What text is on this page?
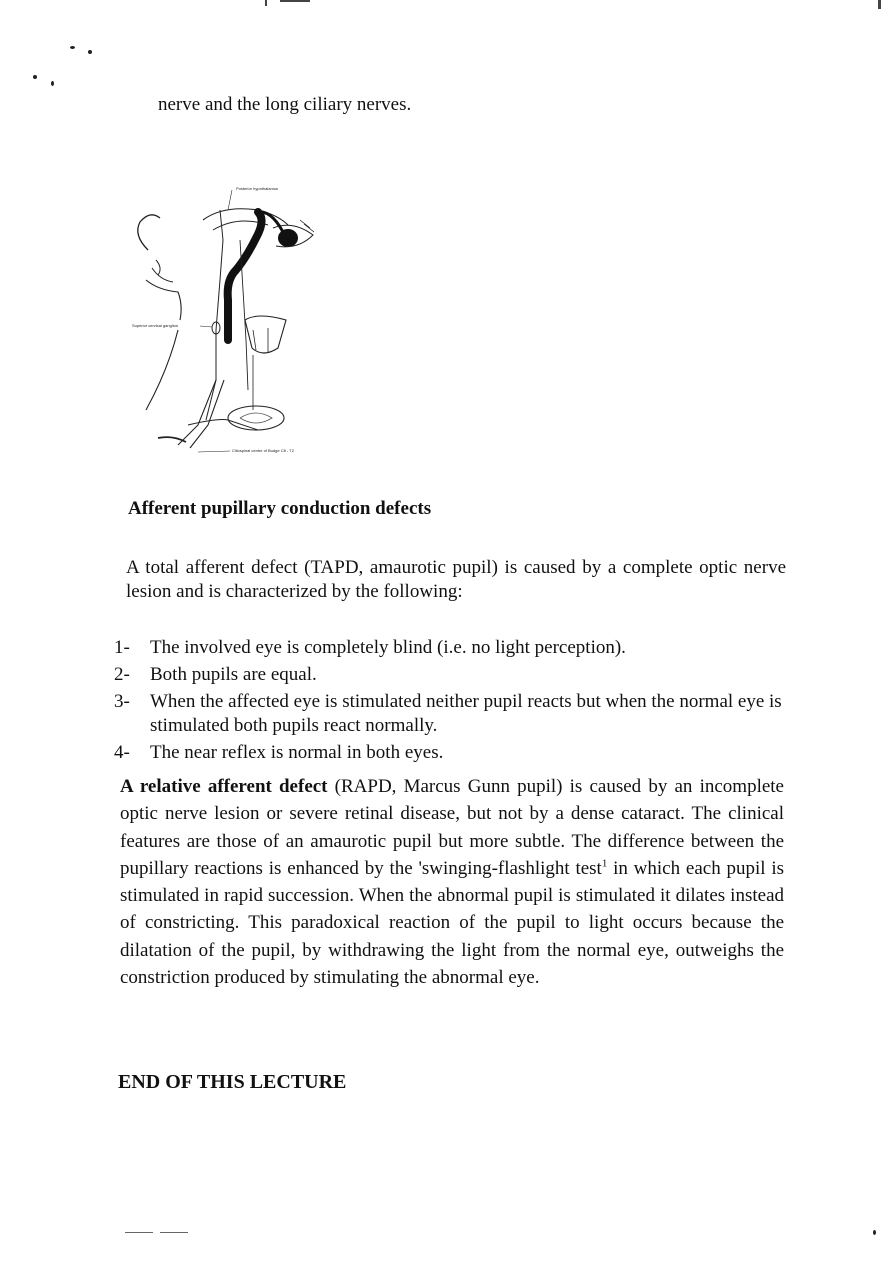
nerve and the long ciliary nerves.
Posterior hypothalamus
Superior cervical ganglion
Ciliospinal centre of Budge C8 - T2
Afferent pupillary conduction defects
A total afferent defect (TAPD, amaurotic pupil) is caused by a complete optic nerve lesion and is characterized by the following:
1- The involved eye is completely blind (i.e. no light perception).
2- Both pupils are equal.
3- When the affected eye is stimulated neither pupil reacts but when the normal eye is stimulated both pupils react normally.
4- The near reflex is normal in both eyes.
A relative afferent defect (RAPD, Marcus Gunn pupil) is caused by an incomplete optic nerve lesion or severe retinal disease, but not by a dense cataract. The clinical features are those of an amaurotic pupil but more subtle. The difference between the pupillary reactions is enhanced by the 'swinging-flashlight test$^1$ in which each pupil is stimulated in rapid succession. When the abnormal pupil is stimulated it dilates instead of constricting. This paradoxical reaction of the pupil to light occurs because the dilatation of the pupil, by withdrawing the light from the normal eye, outweighs the constriction produced by stimulating the abnormal eye.
END OF THIS LECTURE
